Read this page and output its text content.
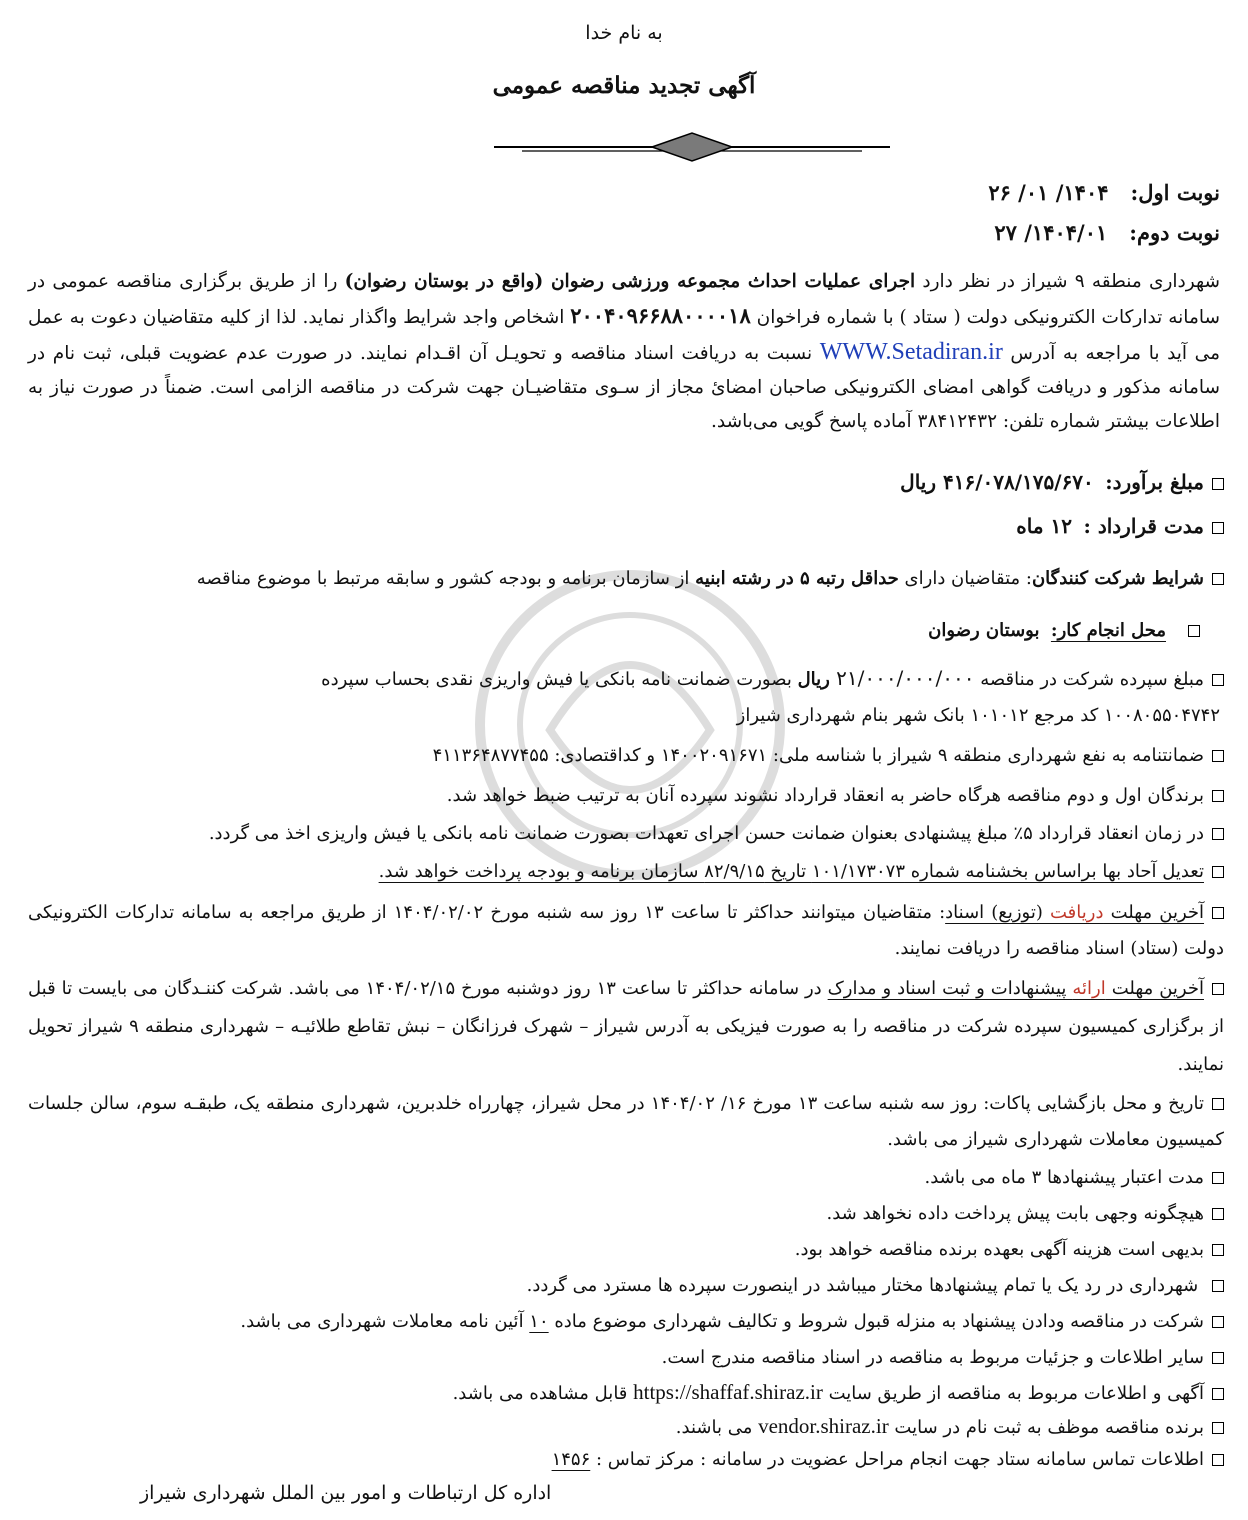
به نام خدا
آگهی تجدید مناقصه عمومی
نوبت اول:
۱۴۰۴/ ۰۱/ ۲۶
نوبت دوم:
۱۴۰۴/۰۱/ ۲۷
شهرداری منطقه ۹ شیراز در نظر دارد اجرای عملیات احداث مجموعه ورزشی رضوان (واقع در بوستان رضوان) را از طریق برگزاری مناقصه عمومی در سامانه تدارکات الکترونیکی دولت ( ستاد ) با شماره فراخوان ۲۰۰۴۰۹۶۶۸۸۰۰۰۰۱۸ اشخاص واجد شرایط واگذار نماید. لذا از کلیه متقاضیان دعوت به عمل می آید با مراجعه به آدرس WWW.Setadiran.ir نسبت به دریافت اسناد مناقصه و تحویـل آن اقـدام نمایند. در صورت عدم عضویت قبلی، ثبت نام در سامانه مذکور و دریافت گواهی امضای الکترونیکی صاحبان امضائ مجاز از سـوی متقاضیـان جهت شرکت در مناقصه الزامی است. ضمناً در صورت نیاز به اطلاعات بیشتر شماره تلفن: ۳۸۴۱۲۴۳۲ آماده پاسخ گویی می‌باشد.
مبلغ برآورد:  ۴۱۶/۰۷۸/۱۷۵/۶۷۰ ریال
مدت قرارداد :  ۱۲ ماه
شرایط شرکت کنندگان: متقاضیان دارای حداقل رتبه ۵ در رشته ابنیه از سازمان برنامه و بودجه کشور و سابقه مرتبط با موضوع مناقصه
محل انجام کار:  بوستان رضوان
مبلغ سپرده شرکت در مناقصه ۲۱/۰۰۰/۰۰۰/۰۰۰ ریال بصورت ضمانت نامه بانکی یا فیش واریزی نقدی بحساب سپرده
۱۰۰۸۰۵۵۰۴۷۴۲ کد مرجع ۱۰۱۰۱۲ بانک شهر بنام شهرداری شیراز
ضمانتنامه به نفع شهرداری منطقه ۹ شیراز با شناسه ملی: ۱۴۰۰۲۰۹۱۶۷۱ و کداقتصادی: ۴۱۱۳۶۴۸۷۷۴۵۵
برندگان اول و دوم مناقصه هرگاه حاضر به انعقاد قرارداد نشوند سپرده آنان به ترتیب ضبط خواهد شد.
در زمان انعقاد قرارداد ۵٪ مبلغ پیشنهادی بعنوان ضمانت حسن اجرای تعهدات بصورت ضمانت نامه بانکی یا فیش واریزی اخذ می گردد.
تعدیل آحاد بها براساس بخشنامه شماره ۱۰۱/۱۷۳۰۷۳ تاریخ ۸۲/۹/۱۵ سازمان برنامه و بودجه پرداخت خواهد شد.
آخرین مهلت دریافت (توزیع) اسناد: متقاضیان میتوانند حداکثر تا ساعت ۱۳ روز سه شنبه مورخ ۱۴۰۴/۰۲/۰۲ از طریق مراجعه به سامانه تدارکات الکترونیکی دولت (ستاد) اسناد مناقصه را دریافت نمایند.
آخرین مهلت ارائه پیشنهادات و ثبت اسناد و مدارک در سامانه حداکثر تا ساعت ۱۳ روز دوشنبه مورخ ۱۴۰۴/۰۲/۱۵ می باشد. شرکت کننـدگان می بایست تا قبل از برگزاری کمیسیون سپرده شرکت در مناقصه را به صورت فیزیکی به آدرس شیراز – شهرک فرزانگان – نبش تقاطع طلائیـه – شهرداری منطقه ۹ شیراز تحویل نمایند.
تاریخ و محل بازگشایی پاکات: روز سه شنبه ساعت ۱۳ مورخ ۱۶/ ۱۴۰۴/۰۲ در محل شیراز، چهارراه خلدبرین، شهرداری منطقه یک، طبقـه سوم، سالن جلسات کمیسیون معاملات شهرداری شیراز می باشد.
مدت اعتبار پیشنهادها ۳ ماه می باشد.
هیچگونه وجهی بابت پیش پرداخت داده نخواهد شد.
بدیهی است هزینه آگهی بعهده برنده مناقصه خواهد بود.
شهرداری در رد یک یا تمام پیشنهادها مختار میباشد در اینصورت سپرده ها مسترد می گردد.
شرکت در مناقصه ودادن پیشنهاد به منزله قبول شروط و تکالیف شهرداری موضوع ماده ۱۰ آئین نامه معاملات شهرداری می باشد.
سایر اطلاعات و جزئیات مربوط به مناقصه در اسناد مناقصه مندرج است.
آگهی و اطلاعات مربوط به مناقصه از طریق سایت https://shaffaf.shiraz.ir قابل مشاهده می باشد.
برنده مناقصه موظف به ثبت نام در سایت vendor.shiraz.ir می باشند.
اطلاعات تماس سامانه ستاد جهت انجام مراحل عضویت در سامانه : مرکز تماس : ۱۴۵۶
اداره کل ارتباطات و امور بین الملل شهرداری شیراز
